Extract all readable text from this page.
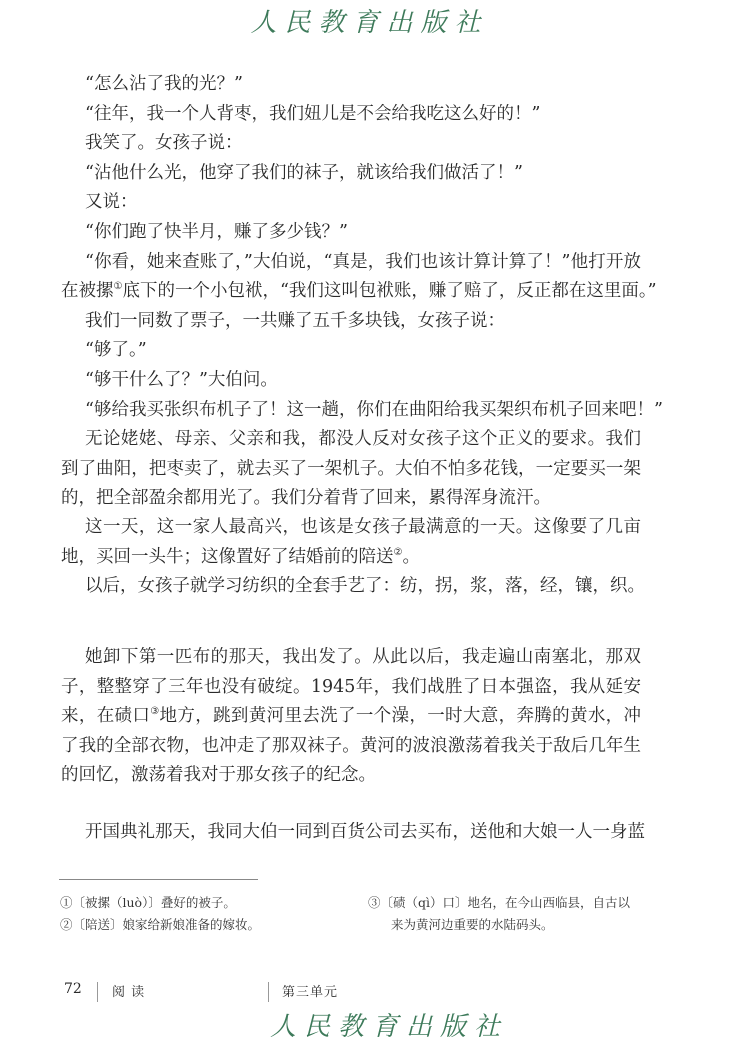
人民教育出版社
“怎么沾了我的光？”
“往年，我一个人背枣，我们妞儿是不会给我吃这么好的！”
我笑了。女孩子说：
“沾他什么光，他穿了我们的袜子，就该给我们做活了！”
又说：
“你们跑了快半月，赚了多少钱？”
“你看，她来查账了，”大伯说，“真是，我们也该计算计算了！”他打开放
在被摞①底下的一个小包袱，“我们这叫包袱账，赚了赔了，反正都在这里面。”
我们一同数了票子，一共赚了五千多块钱，女孩子说：
“够了。”
“够干什么了？”大伯问。
“够给我买张织布机子了！这一趟，你们在曲阳给我买架织布机子回来吧！”
无论姥姥、母亲、父亲和我，都没人反对女孩子这个正义的要求。我们
到了曲阳，把枣卖了，就去买了一架机子。大伯不怕多花钱，一定要买一架
的，把全部盈余都用光了。我们分着背了回来，累得浑身流汗。
这一天，这一家人最高兴，也该是女孩子最满意的一天。这像要了几亩
地，买回一头牛；这像置好了结婚前的陪送②。
以后，女孩子就学习纺织的全套手艺了：纺，拐，浆，落，经，镶，织。
她卸下第一匹布的那天，我出发了。从此以后，我走遍山南塞北，那双
子，整整穿了三年也没有破绽。1945年，我们战胜了日本强盗，我从延安
来，在碛口③地方，跳到黄河里去洗了一个澡，一时大意，奔腾的黄水，冲
了我的全部衣物，也冲走了那双袜子。黄河的波浪激荡着我关于敌后几年生
的回忆，激荡着我对于那女孩子的纪念。
开国典礼那天，我同大伯一同到百货公司去买布，送他和大娘一人一身蓝
①〔被摞（luò）〕叠好的被子。
②〔陪送〕娘家给新娘准备的嫁妆。
③〔碛（qì）口〕地名，在今山西临县，自古以
来为黄河边重要的水陆码头。
72 阅 读	第三单元
人民教育出版社
